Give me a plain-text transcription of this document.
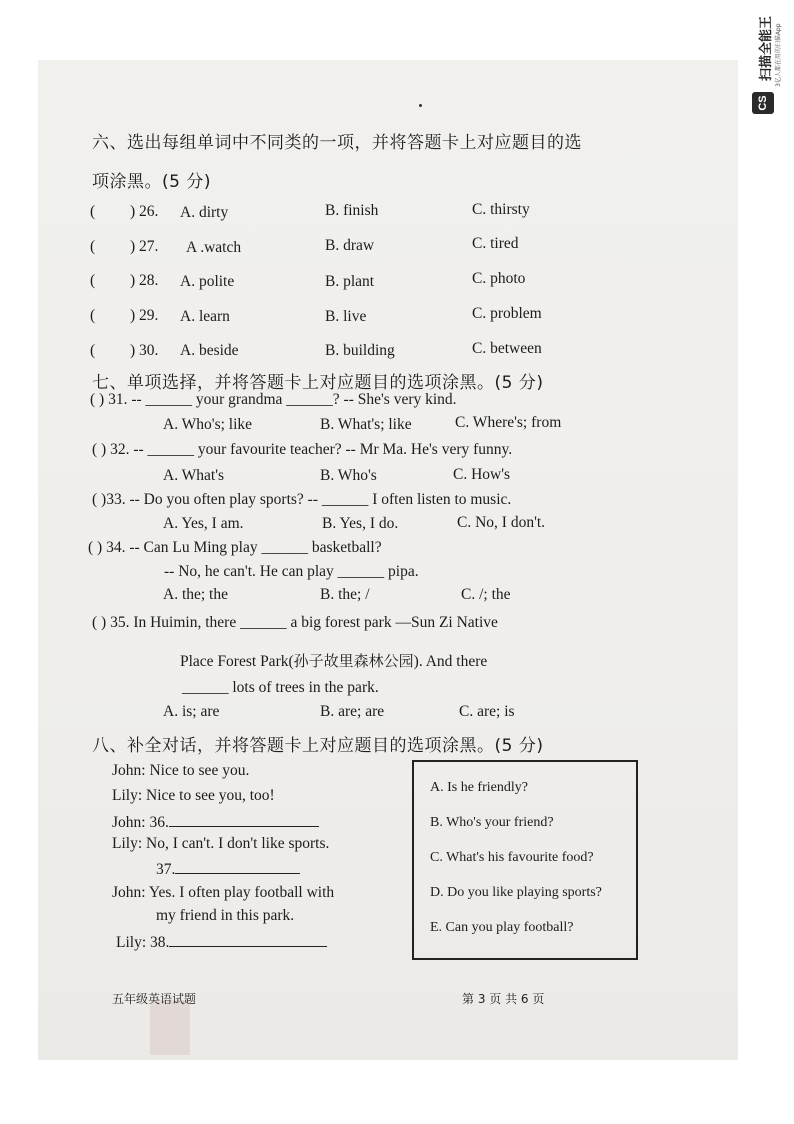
扫描全能王 3亿人都在用的扫描App
CS
六、选出每组单词中不同类的一项，并将答题卡上对应题目的选
项涂黑。(5 分)
( ) 26. A. dirty	B. finish	C. thirsty
( ) 27. A .watch	B. draw	C. tired
( ) 28. A. polite	B. plant	C. photo
( ) 29. A. learn	B. live	C. problem
( ) 30. A. beside	B. building	C. between
七、单项选择，并将答题卡上对应题目的选项涂黑。(5 分)
( ) 31. -- ______ your grandma ______? -- She's very kind.
A. Who's; like	B. What's; like	C. Where's; from
( ) 32. -- ______ your favourite teacher? -- Mr Ma. He's very funny.
A. What's	B. Who's	C. How's
( )33. -- Do you often play sports? -- ______ I often listen to music.
A. Yes, I am.	B. Yes, I do.	C. No, I don't.
( ) 34. -- Can Lu Ming play ______ basketball?
-- No, he can't. He can play ______ pipa.
A. the; the	B. the; /	C. /; the
( ) 35. In Huimin, there ______ a big forest park —Sun Zi Native
Place Forest Park(孙子故里森林公园). And there
______ lots of trees in the park.
A. is; are	B. are; are	C. are; is
八、补全对话，并将答题卡上对应题目的选项涂黑。(5 分)
John: Nice to see you.
Lily: Nice to see you, too!
John: 36.
Lily: No, I can't. I don't like sports.
37.
John: Yes. I often play football with
my friend in this park.
Lily: 38.
A. Is he friendly?
B. Who's your friend?
C. What's his favourite food?
D. Do you like playing sports?
E. Can you play football?
五年级英语试题	第 3 页 共 6 页
